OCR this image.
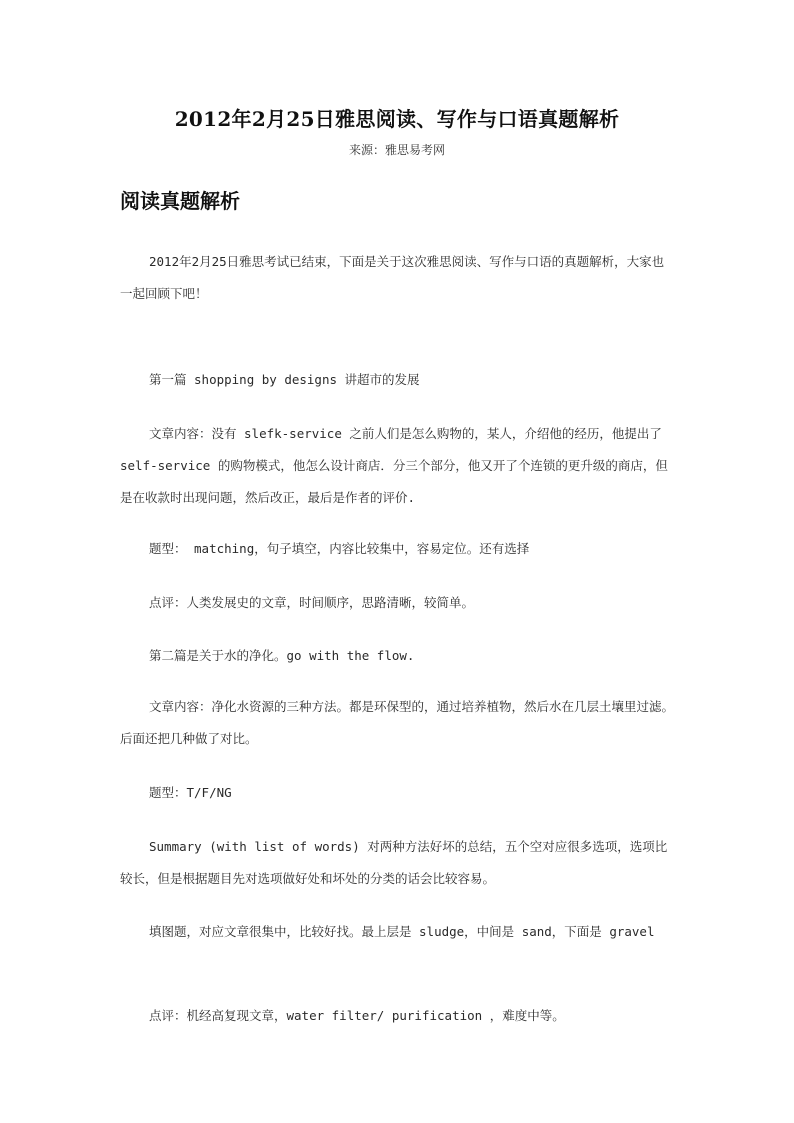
2012年2月25日雅思阅读、写作与口语真题解析
来源：雅思易考网
阅读真题解析

2012年2月25日雅思考试已结束，下面是关于这次雅思阅读、写作与口语的真题解析，大家也一起回顾下吧！

第一篇 shopping by designs 讲超市的发展

文章内容：没有 slefk-service 之前人们是怎么购物的，某人，介绍他的经历，他提出了 self-service 的购物模式，他怎么设计商店．分三个部分，他又开了个连锁的更升级的商店，但是在收款时出现问题，然后改正，最后是作者的评价.

题型： matching，句子填空，内容比较集中，容易定位。还有选择

点评：人类发展史的文章，时间顺序，思路清晰，较简单。

第二篇是关于水的净化。go with the flow.

文章内容：净化水资源的三种方法。都是环保型的，通过培养植物，然后水在几层土壤里过滤。后面还把几种做了对比。

题型：T/F/NG

Summary (with list of words) 对两种方法好坏的总结，五个空对应很多选项，选项比较长，但是根据题目先对选项做好处和坏处的分类的话会比较容易。

填图题，对应文章很集中，比较好找。最上层是 sludge，中间是 sand，下面是 gravel

点评：机经高复现文章，water filter/ purification ，难度中等。
